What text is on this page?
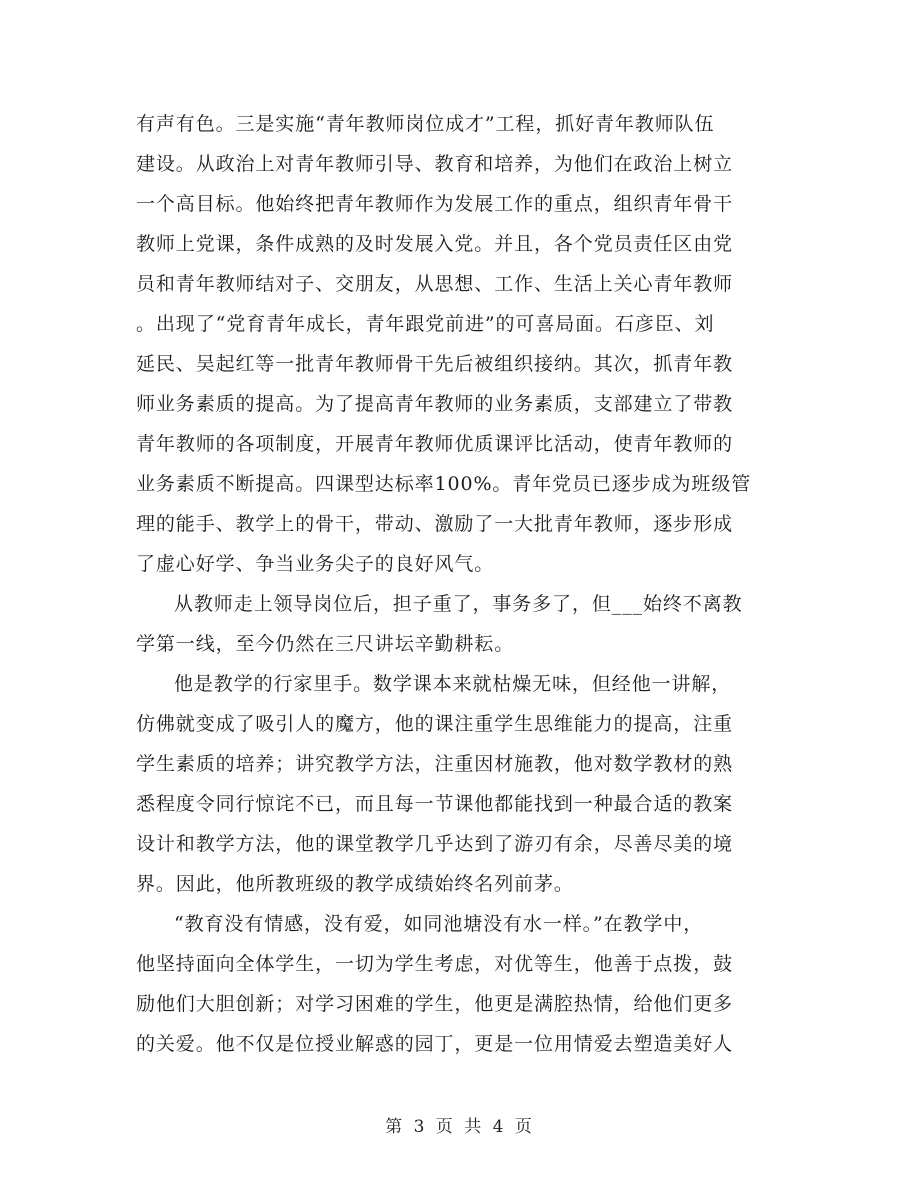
有声有色。三是实施“青年教师岗位成才”工程，抓好青年教师队伍
建设。从政治上对青年教师引导、教育和培养，为他们在政治上树立
一个高目标。他始终把青年教师作为发展工作的重点，组织青年骨干
教师上党课，条件成熟的及时发展入党。并且，各个党员责任区由党
员和青年教师结对子、交朋友，从思想、工作、生活上关心青年教师
。出现了“党育青年成长，青年跟党前进”的可喜局面。石彦臣、刘
延民、吴起红等一批青年教师骨干先后被组织接纳。其次，抓青年教
师业务素质的提高。为了提高青年教师的业务素质，支部建立了带教
青年教师的各项制度，开展青年教师优质课评比活动，使青年教师的
业务素质不断提高。四课型达标率100%。青年党员已逐步成为班级管
理的能手、教学上的骨干，带动、激励了一大批青年教师，逐步形成
了虚心好学、争当业务尖子的良好风气。
从教师走上领导岗位后，担子重了，事务多了，但___始终不离教
学第一线，至今仍然在三尺讲坛辛勤耕耘。
他是教学的行家里手。数学课本来就枯燥无味，但经他一讲解，
仿佛就变成了吸引人的魔方，他的课注重学生思维能力的提高，注重
学生素质的培养；讲究教学方法，注重因材施教，他对数学教材的熟
悉程度令同行惊诧不已，而且每一节课他都能找到一种最合适的教案
设计和教学方法，他的课堂教学几乎达到了游刃有余，尽善尽美的境
界。因此，他所教班级的教学成绩始终名列前茅。
“教育没有情感，没有爱，如同池塘没有水一样。”在教学中，
他坚持面向全体学生，一切为学生考虑，对优等生，他善于点拨，鼓
励他们大胆创新；对学习困难的学生，他更是满腔热情，给他们更多
的关爱。他不仅是位授业解惑的园丁，更是一位用情爱去塑造美好人
第 3 页 共 4 页
